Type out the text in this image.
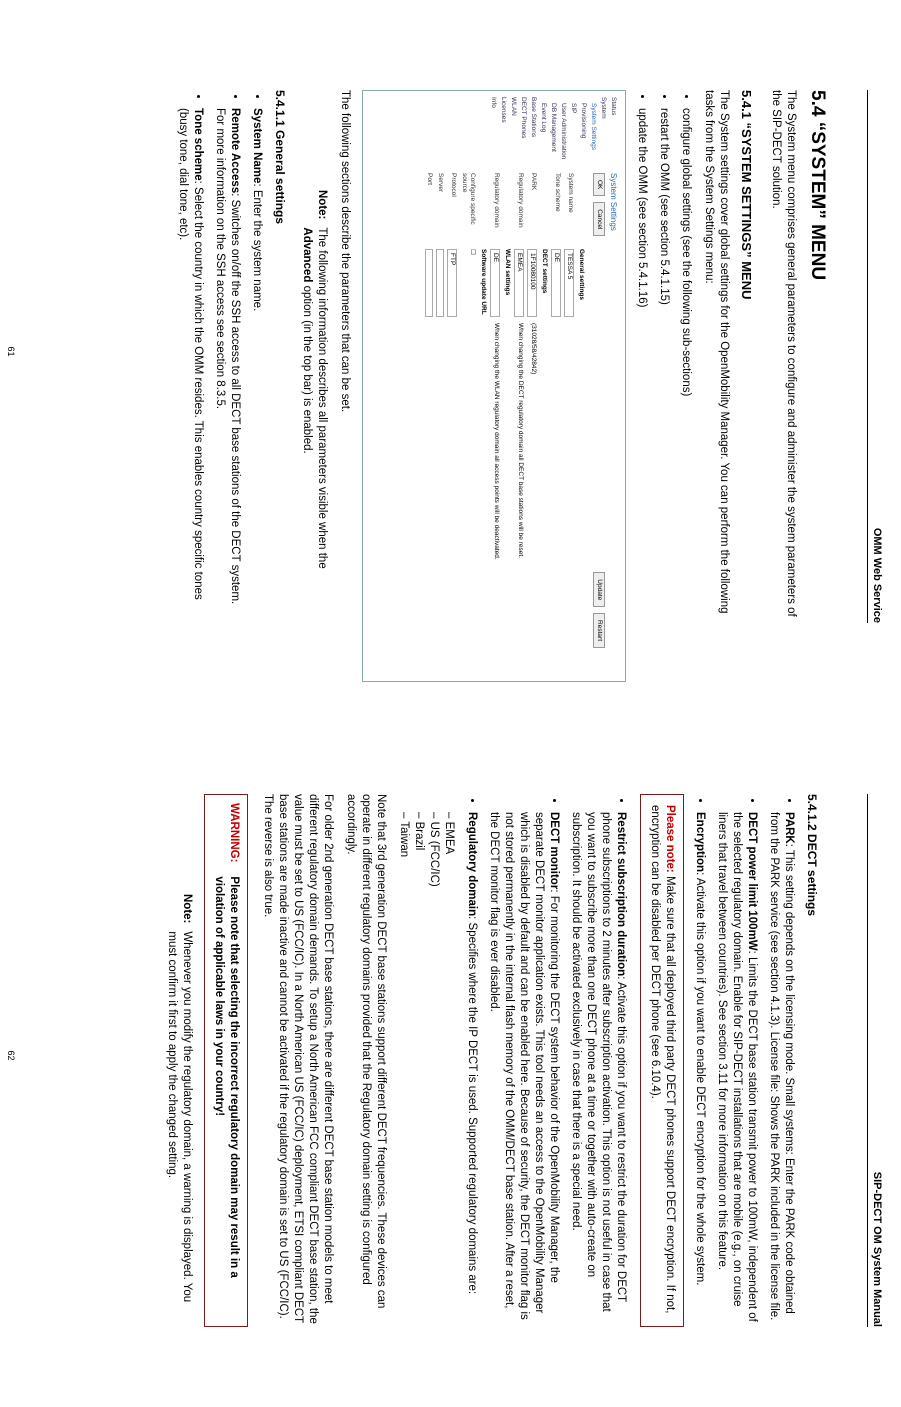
OMM Web Service
5.4 “SYSTEM” MENU

The System menu comprises general parameters to configure and administer the system parameters of the SIP-DECT solution.

5.4.1 “SYSTEM SETTINGS” MENU

The System settings cover global settings for the OpenMobility Manager. You can perform the following tasks from the System Settings menu:

• configure global settings (see the following sub-sections)
• restart the OMM (see section 5.4.1.15)
• update the OMM (see section 5.4.1.16)
Status
System
System Settings
Provisioning
SIP
User Administration
DB Management
Event Log
Base Stations
DECT Phones
WLAN
Licenses
Info
System Settings
OK Cancel Update Restart
General settings
System name
TESSA 5
Tone scheme
DE
DECT settings
PARK
1F10080100
(31028/58/42842)
Regulatory domain
EMEA
When changing the DECT regulatory domain all DECT base stations will be reset.
WLAN settings
Regulatory domain
DE
When changing the WLAN regulatory domain all access points will be deactivated.
Software update URL
Configure specific source
☐
Protocol
FTP
Server
Port

The following sections describe the parameters that can be set.

Note:
The following information describes all parameters visible when the Advanced option (in the top bar) is enabled.
5.4.1.1 General settings
• System Name: Enter the system name.
• Remote Access: Switches on/off the SSH access to all DECT base stations of the DECT system. For more information on the SSH access see section 8.3.5.
• Tone scheme: Select the country in which the OMM resides. This enables country specific tones (busy tone, dial tone, etc).
61
SIP-DECT OM System Manual
5.4.1.2 DECT settings
• PARK: This setting depends on the licensing mode. Small systems: Enter the PARK code obtained from the PARK service (see section 4.1.3). License file: Shows the PARK included in the license file.
• DECT power limit 100mW: Limits the DECT base station transmit power to 100mW, independent of the selected regulatory domain. Enable for SIP-DECT installations that are mobile (e.g., on cruise liners that travel between countries). See section 3.11 for more information on this feature.
• Encryption: Activate this option if you want to enable DECT encryption for the whole system.
Please note: Make sure that all deployed third party DECT phones support DECT encryption. If not, encryption can be disabled per DECT phone (see 6.10.4).
• Restrict subscription duration: Activate this option if you want to restrict the duration for DECT phone subscriptions to 2 minutes after subscription activation. This option is not useful in case that you want to subscribe more than one DECT phone at a time or together with auto-create on subscription. It should be activated exclusively in case that there is a special need.
• DECT monitor: For monitoring the DECT system behavior of the OpenMobility Manager, the separate DECT monitor application exists. This tool needs an access to the OpenMobility Manager which is disabled by default and can be enabled here. Because of security, the DECT monitor flag is not stored permanently in the internal flash memory of the OMM/DECT base station. After a reset, the DECT monitor flag is ever disabled.
• Regulatory domain: Specifies where the IP DECT is used. Supported regulatory domains are:
– EMEA
– US (FCC/IC)
– Brazil
– Taiwan

Note that 3rd generation DECT base stations support different DECT frequencies. These devices can operate in different regulatory domains provided that the Regulatory domain setting is configured accordingly.

For older 2nd generation DECT base stations, there are different DECT base station models to meet different regulatory domain demands. To setup a North American FCC compliant DECT base station, the value must be set to US (FCC/IC). In a North American US (FCC/IC) deployment, ETSI compliant DECT base stations are made inactive and cannot be activated if the regulatory domain is set to US (FCC/IC). The reverse is also true.

WARNING:
Please note that selecting the incorrect regulatory domain may result in a violation of applicable laws in your country!
Note:
Whenever you modify the regulatory domain, a warning is displayed. You must confirm it first to apply the changed setting.
62
